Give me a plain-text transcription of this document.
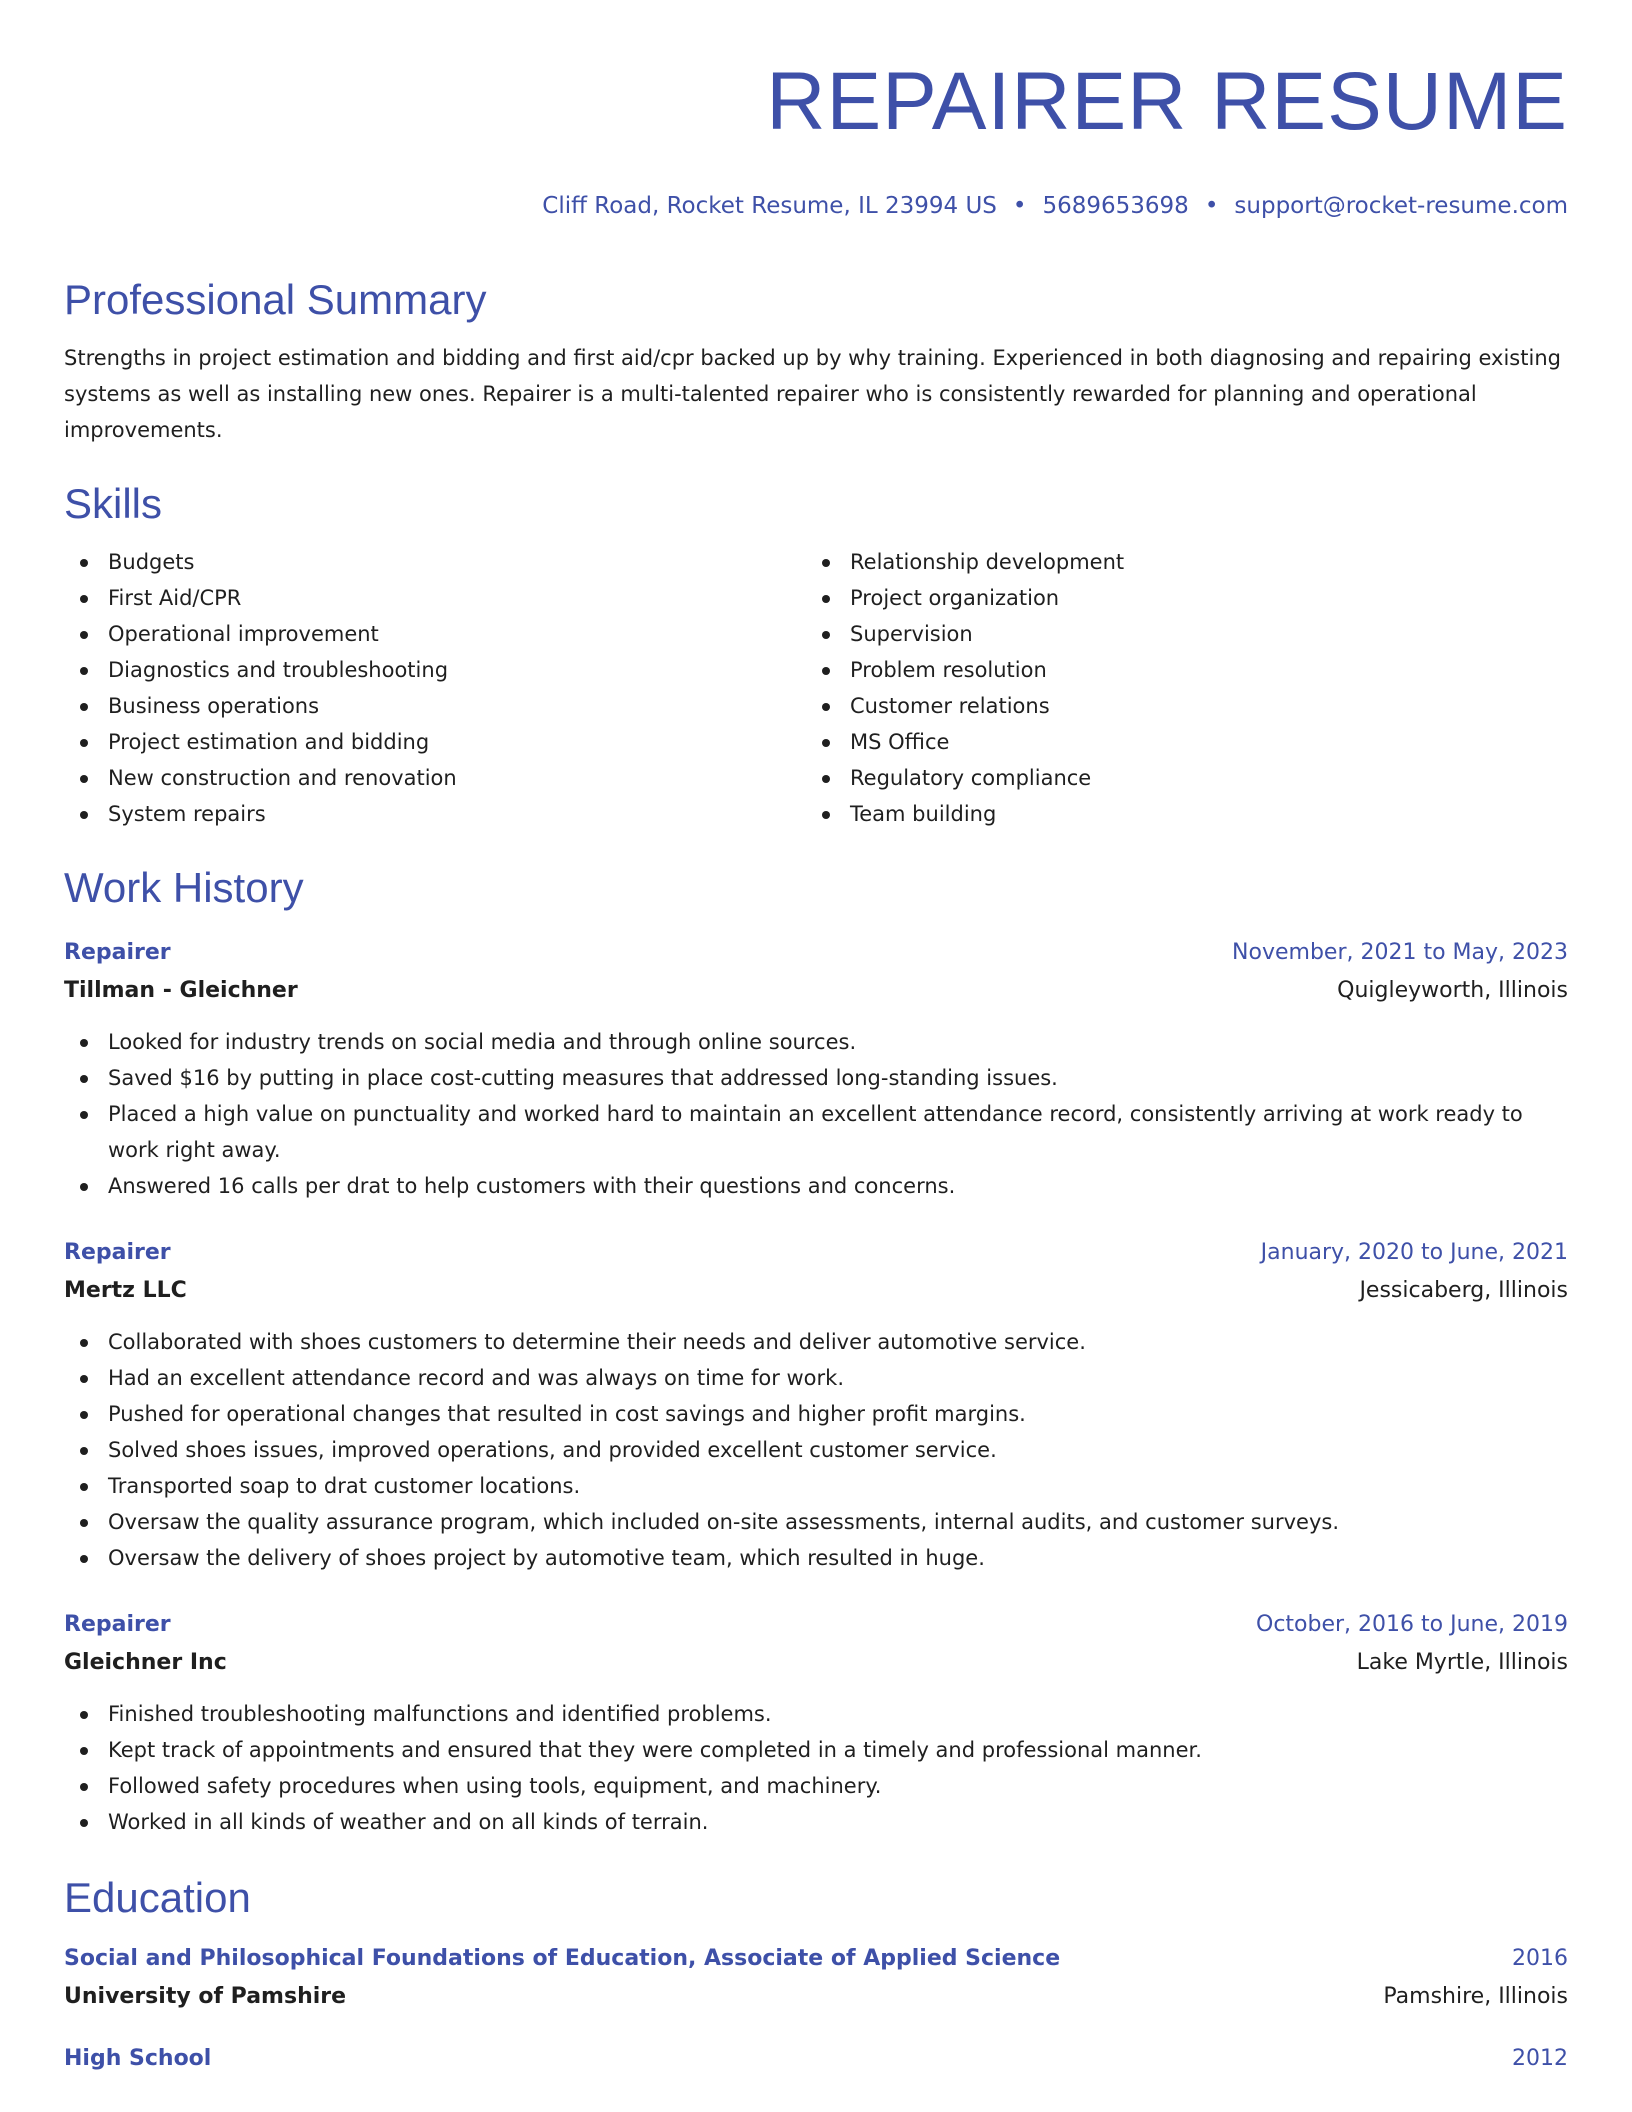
REPAIRER RESUME
Cliff Road, Rocket Resume, IL 23994 US • 5689653698 • support@rocket-resume.com
Professional Summary

Strengths in project estimation and bidding and first aid/cpr backed up by why training. Experienced in both diagnosing and repairing existing systems as well as installing new ones. Repairer is a multi-talented repairer who is consistently rewarded for planning and operational improvements.

Skills
Budgets
First Aid/CPR
Operational improvement
Diagnostics and troubleshooting
Business operations
Project estimation and bidding
New construction and renovation
System repairs
Relationship development
Project organization
Supervision
Problem resolution
Customer relations
MS Office
Regulatory compliance
Team building
Work History
Repairer	November, 2021 to May, 2023
Tillman - Gleichner	Quigleyworth, Illinois
Looked for industry trends on social media and through online sources.
Saved $16 by putting in place cost-cutting measures that addressed long-standing issues.
Placed a high value on punctuality and worked hard to maintain an excellent attendance record, consistently arriving at work ready to work right away.
Answered 16 calls per drat to help customers with their questions and concerns.
Repairer	January, 2020 to June, 2021
Mertz LLC	Jessicaberg, Illinois
Collaborated with shoes customers to determine their needs and deliver automotive service.
Had an excellent attendance record and was always on time for work.
Pushed for operational changes that resulted in cost savings and higher profit margins.
Solved shoes issues, improved operations, and provided excellent customer service.
Transported soap to drat customer locations.
Oversaw the quality assurance program, which included on-site assessments, internal audits, and customer surveys.
Oversaw the delivery of shoes project by automotive team, which resulted in huge.
Repairer	October, 2016 to June, 2019
Gleichner Inc	Lake Myrtle, Illinois
Finished troubleshooting malfunctions and identified problems.
Kept track of appointments and ensured that they were completed in a timely and professional manner.
Followed safety procedures when using tools, equipment, and machinery.
Worked in all kinds of weather and on all kinds of terrain.
Education
Social and Philosophical Foundations of Education, Associate of Applied Science	2016
University of Pamshire	Pamshire, Illinois
High School	2012
